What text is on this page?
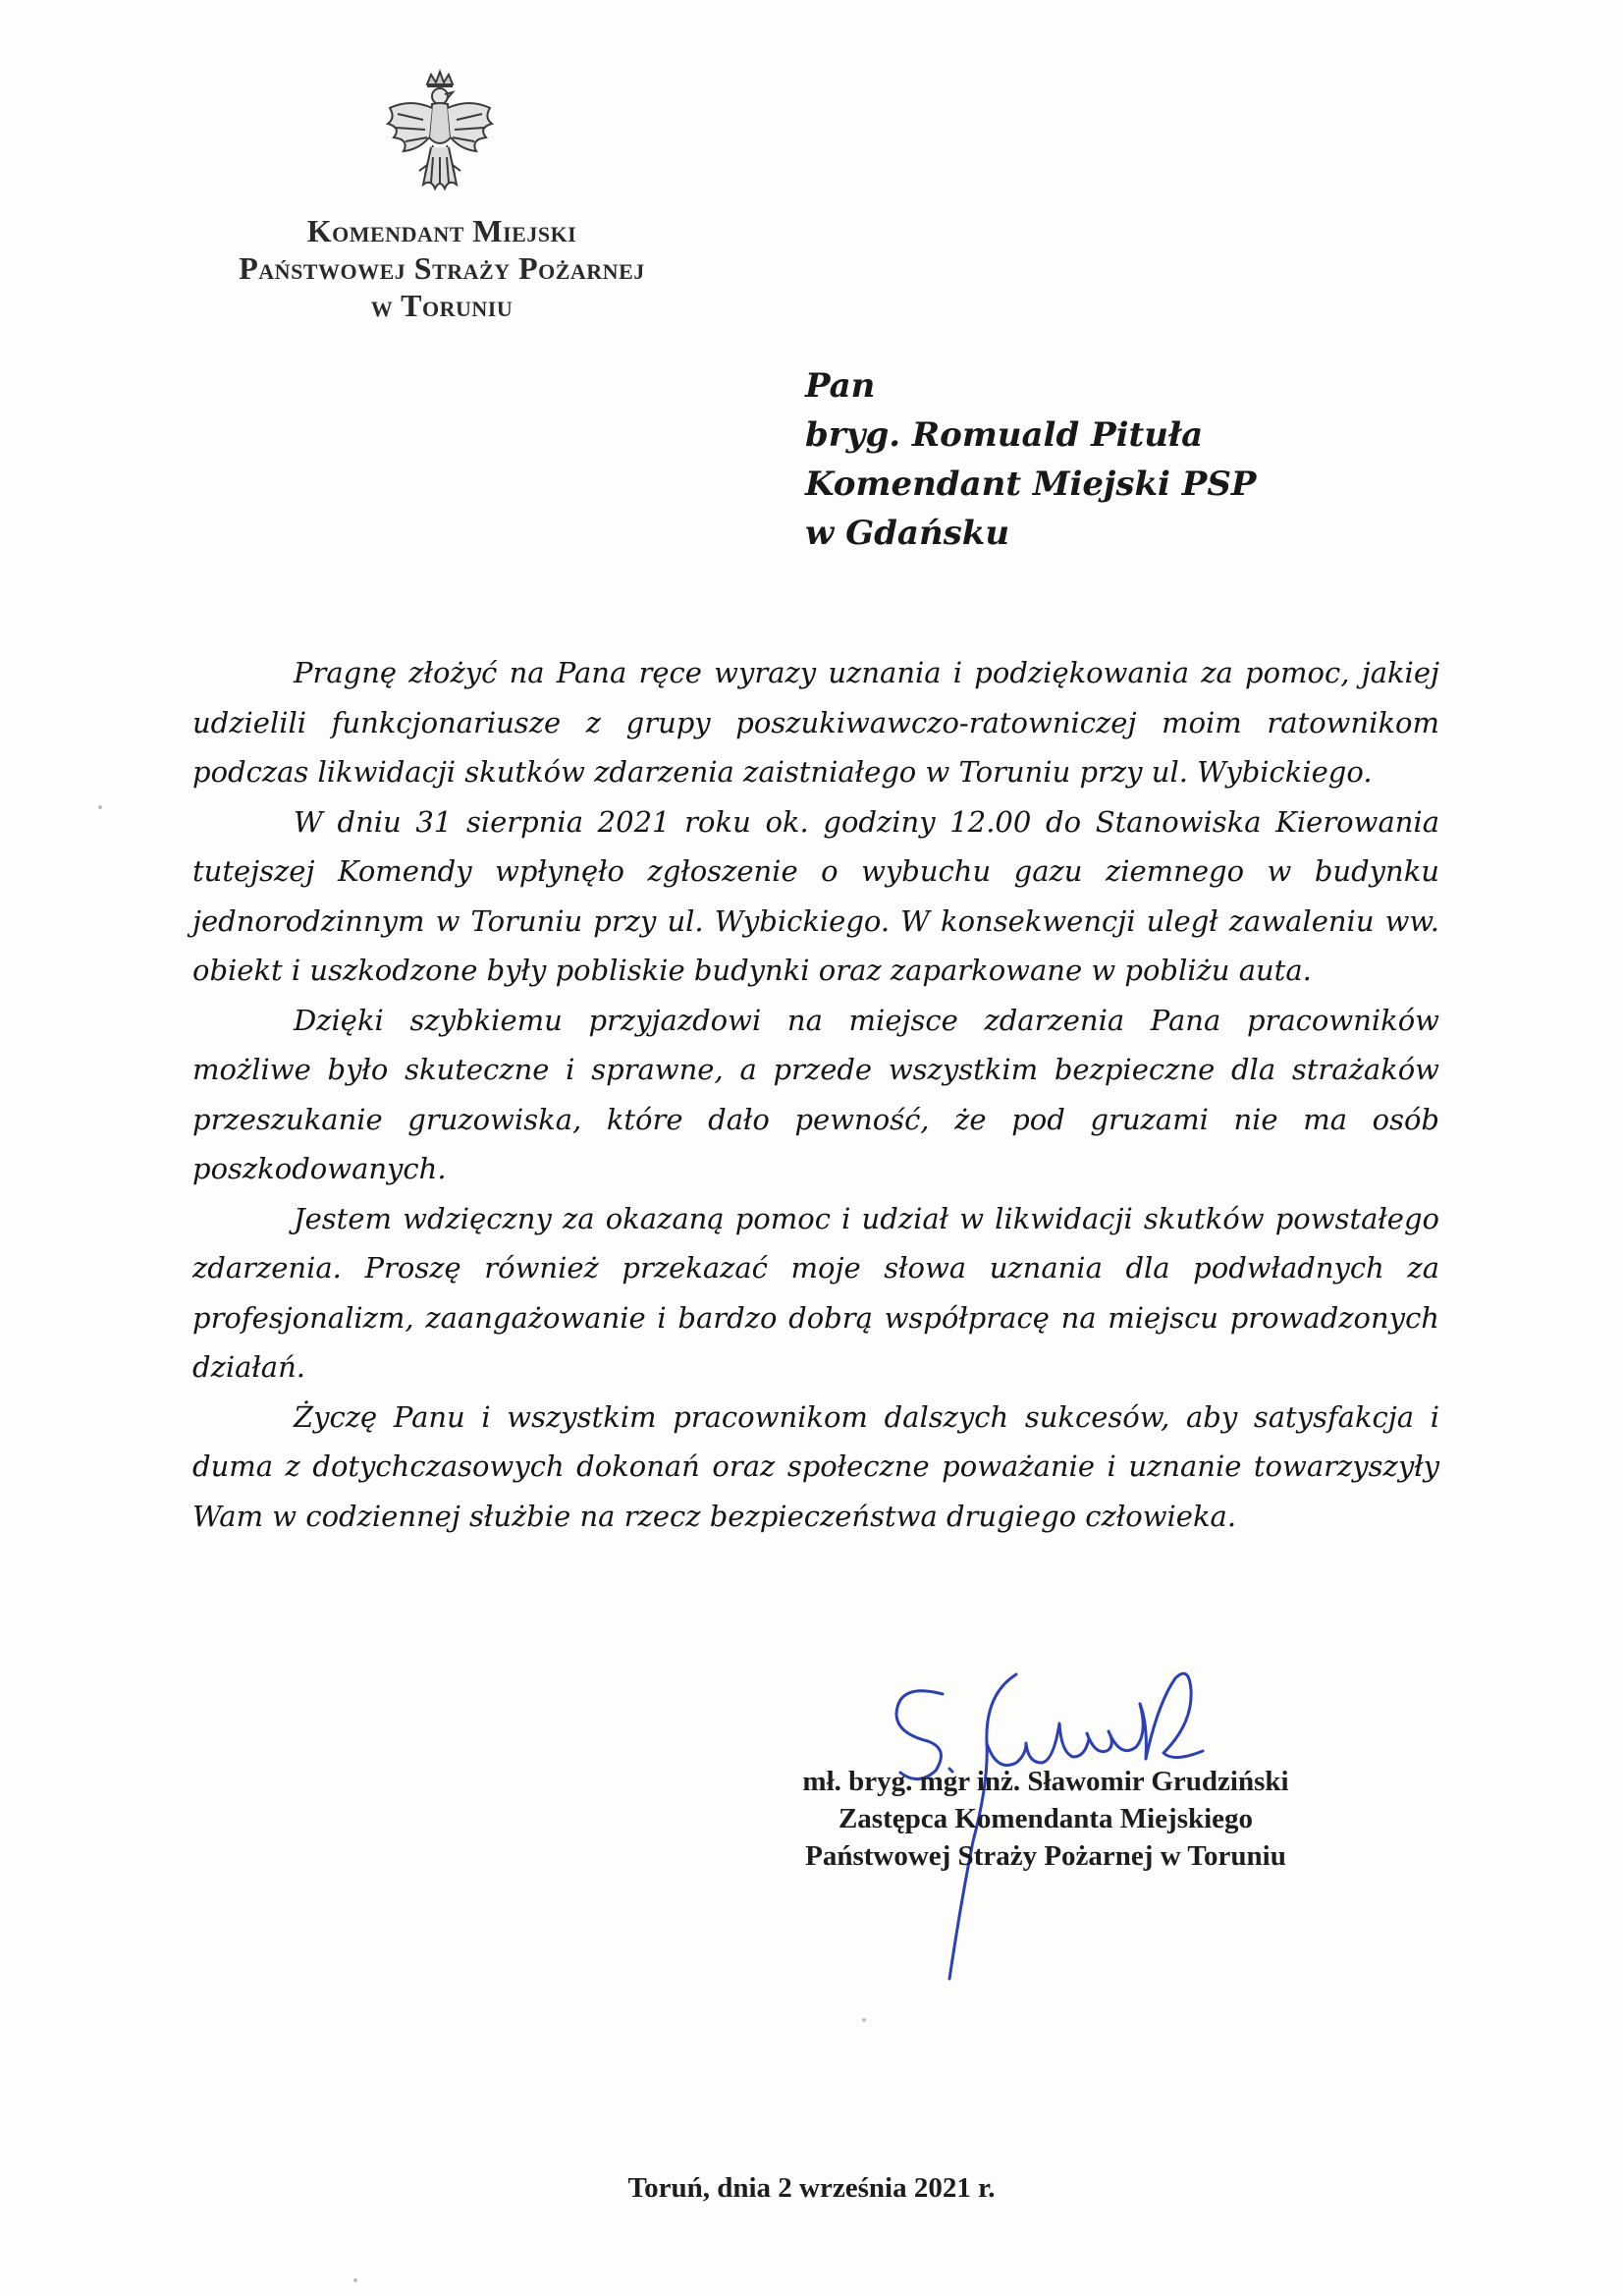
Komendant Miejski
Państwowej Straży Pożarnej
w Toruniu
Pan
bryg. Romuald Pituła
Komendant Miejski PSP
w Gdańsku

Pragnę złożyć na Pana ręce wyrazy uznania i podziękowania za pomoc, jakiej udzielili funkcjonariusze z grupy poszukiwawczo-ratowniczej moim ratownikom podczas likwidacji skutków zdarzenia zaistniałego w Toruniu przy ul. Wybickiego.

W dniu 31 sierpnia 2021 roku ok. godziny 12.00 do Stanowiska Kierowania tutejszej Komendy wpłynęło zgłoszenie o wybuchu gazu ziemnego w budynku jednorodzinnym w Toruniu przy ul. Wybickiego. W konsekwencji uległ zawaleniu ww. obiekt i uszkodzone były pobliskie budynki oraz zaparkowane w pobliżu auta.

Dzięki szybkiemu przyjazdowi na miejsce zdarzenia Pana pracowników możliwe było skuteczne i sprawne, a przede wszystkim bezpieczne dla strażaków przeszukanie gruzowiska, które dało pewność, że pod gruzami nie ma osób poszkodowanych.

Jestem wdzięczny za okazaną pomoc i udział w likwidacji skutków powstałego zdarzenia. Proszę również przekazać moje słowa uznania dla podwładnych za profesjonalizm, zaangażowanie i bardzo dobrą współpracę na miejscu prowadzonych działań.

Życzę Panu i wszystkim pracownikom dalszych sukcesów, aby satysfakcja i duma z dotychczasowych dokonań oraz społeczne poważanie i uznanie towarzyszyły Wam w codziennej służbie na rzecz bezpieczeństwa drugiego człowieka.

mł. bryg. mgr inż. Sławomir Grudziński
Zastępca Komendanta Miejskiego
Państwowej Straży Pożarnej w Toruniu
Toruń, dnia 2 września 2021 r.
